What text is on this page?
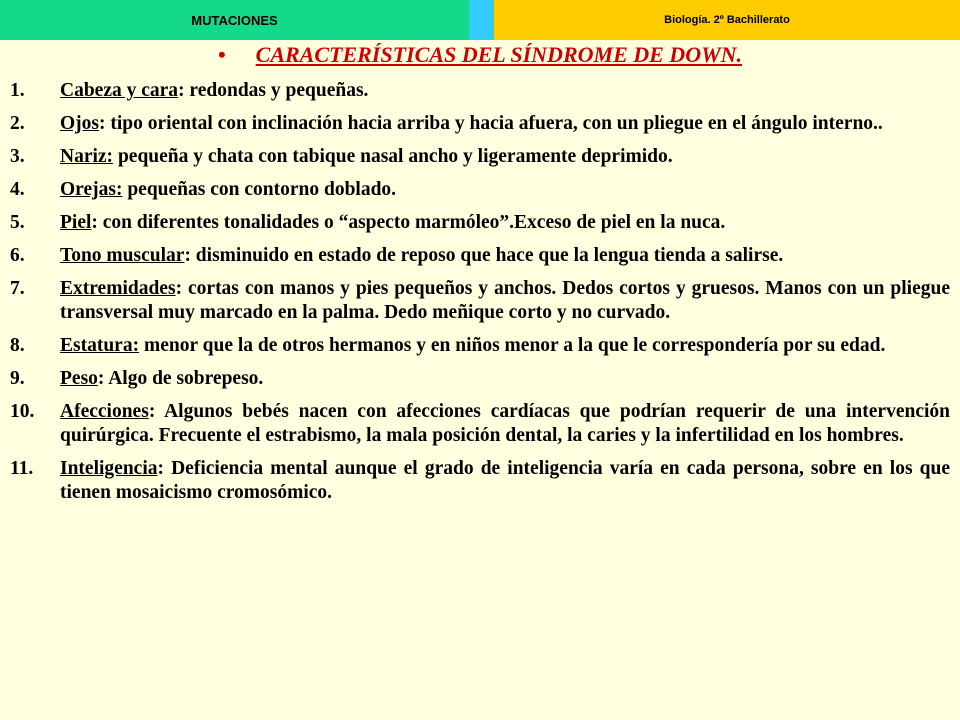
MUTACIONES	Biología. 2º Bachillerato
• CARACTERÍSTICAS DEL SÍNDROME DE DOWN.
1.	Cabeza y cara: redondas y pequeñas.
2.	Ojos: tipo oriental con inclinación hacia arriba y hacia afuera, con un pliegue en el ángulo interno..
3.	Nariz: pequeña y chata con tabique nasal ancho y ligeramente deprimido.
4.	Orejas: pequeñas con contorno doblado.
5.	Piel: con diferentes tonalidades o “aspecto marmóleo”.Exceso de piel en la nuca.
6.	Tono muscular: disminuido en estado de reposo que hace que la lengua tienda a salirse.
7.	Extremidades: cortas con manos y pies pequeños y anchos. Dedos cortos y gruesos. Manos con un pliegue transversal muy marcado en la palma. Dedo meñique corto y no curvado.
8.	Estatura: menor que la de otros hermanos y en niños menor a la que le correspondería por su edad.
9.	Peso: Algo de sobrepeso.
10.	Afecciones: Algunos bebés nacen con afecciones cardíacas que podrían requerir de una intervención quirúrgica. Frecuente el estrabismo, la mala posición dental, la caries y la infertilidad en los hombres.
11.	Inteligencia: Deficiencia mental aunque el grado de inteligencia varía en cada persona, sobre en los que tienen mosaicismo cromosómico.
